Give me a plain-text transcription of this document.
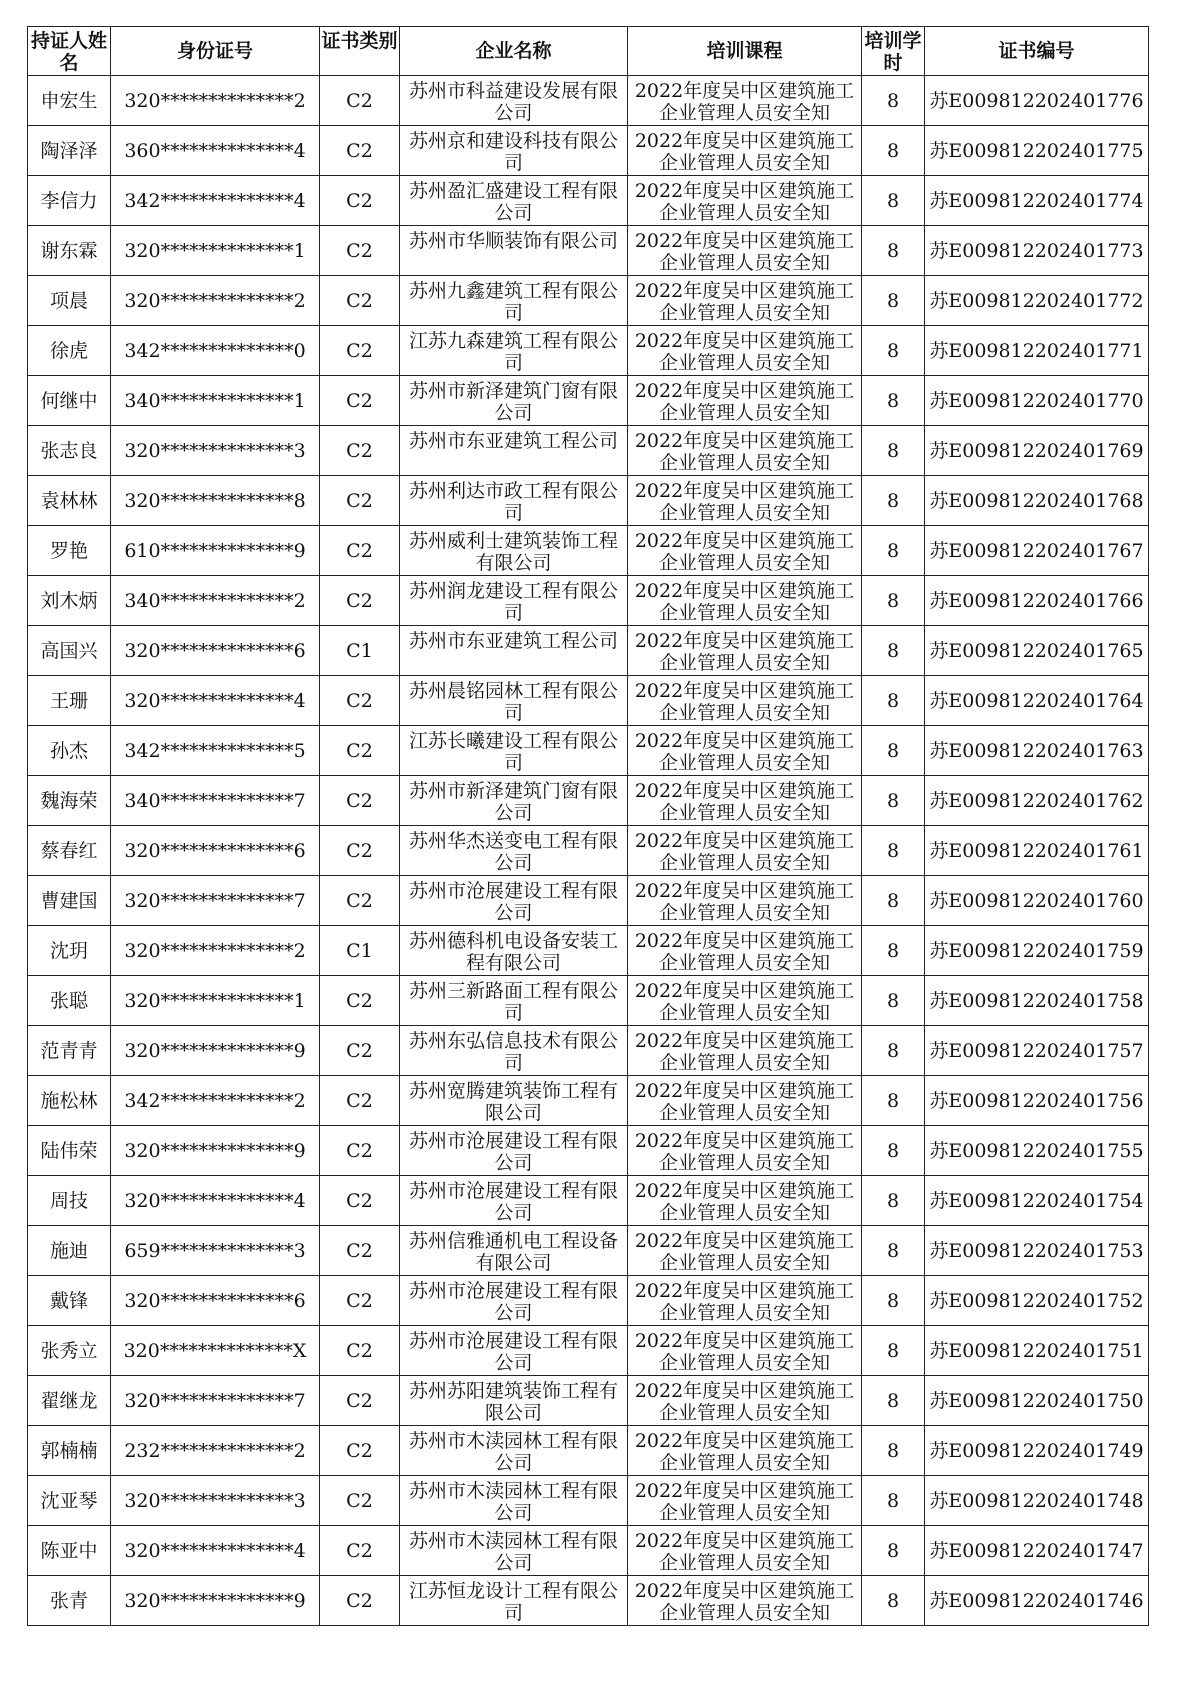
持证人姓名	身份证号	证书类别	企业名称	培训课程	培训学时	证书编号
申宏生	320**************2	C2	苏州市科益建设发展有限公司	2022年度吴中区建筑施工企业管理人员安全知	8	苏E009812202401776
陶泽泽	360**************4	C2	苏州京和建设科技有限公司	2022年度吴中区建筑施工企业管理人员安全知	8	苏E009812202401775
李信力	342**************4	C2	苏州盈汇盛建设工程有限公司	2022年度吴中区建筑施工企业管理人员安全知	8	苏E009812202401774
谢东霖	320**************1	C2	苏州市华顺装饰有限公司	2022年度吴中区建筑施工企业管理人员安全知	8	苏E009812202401773
项晨	320**************2	C2	苏州九鑫建筑工程有限公司	2022年度吴中区建筑施工企业管理人员安全知	8	苏E009812202401772
徐虎	342**************0	C2	江苏九森建筑工程有限公司	2022年度吴中区建筑施工企业管理人员安全知	8	苏E009812202401771
何继中	340**************1	C2	苏州市新泽建筑门窗有限公司	2022年度吴中区建筑施工企业管理人员安全知	8	苏E009812202401770
张志良	320**************3	C2	苏州市东亚建筑工程公司	2022年度吴中区建筑施工企业管理人员安全知	8	苏E009812202401769
袁林林	320**************8	C2	苏州利达市政工程有限公司	2022年度吴中区建筑施工企业管理人员安全知	8	苏E009812202401768
罗艳	610**************9	C2	苏州威利士建筑装饰工程有限公司	2022年度吴中区建筑施工企业管理人员安全知	8	苏E009812202401767
刘木炳	340**************2	C2	苏州润龙建设工程有限公司	2022年度吴中区建筑施工企业管理人员安全知	8	苏E009812202401766
高国兴	320**************6	C1	苏州市东亚建筑工程公司	2022年度吴中区建筑施工企业管理人员安全知	8	苏E009812202401765
王珊	320**************4	C2	苏州晨铭园林工程有限公司	2022年度吴中区建筑施工企业管理人员安全知	8	苏E009812202401764
孙杰	342**************5	C2	江苏长曦建设工程有限公司	2022年度吴中区建筑施工企业管理人员安全知	8	苏E009812202401763
魏海荣	340**************7	C2	苏州市新泽建筑门窗有限公司	2022年度吴中区建筑施工企业管理人员安全知	8	苏E009812202401762
蔡春红	320**************6	C2	苏州华杰送变电工程有限公司	2022年度吴中区建筑施工企业管理人员安全知	8	苏E009812202401761
曹建国	320**************7	C2	苏州市沧展建设工程有限公司	2022年度吴中区建筑施工企业管理人员安全知	8	苏E009812202401760
沈玥	320**************2	C1	苏州德科机电设备安装工程有限公司	2022年度吴中区建筑施工企业管理人员安全知	8	苏E009812202401759
张聪	320**************1	C2	苏州三新路面工程有限公司	2022年度吴中区建筑施工企业管理人员安全知	8	苏E009812202401758
范青青	320**************9	C2	苏州东弘信息技术有限公司	2022年度吴中区建筑施工企业管理人员安全知	8	苏E009812202401757
施松林	342**************2	C2	苏州宽腾建筑装饰工程有限公司	2022年度吴中区建筑施工企业管理人员安全知	8	苏E009812202401756
陆伟荣	320**************9	C2	苏州市沧展建设工程有限公司	2022年度吴中区建筑施工企业管理人员安全知	8	苏E009812202401755
周技	320**************4	C2	苏州市沧展建设工程有限公司	2022年度吴中区建筑施工企业管理人员安全知	8	苏E009812202401754
施迪	659**************3	C2	苏州信雅通机电工程设备有限公司	2022年度吴中区建筑施工企业管理人员安全知	8	苏E009812202401753
戴锋	320**************6	C2	苏州市沧展建设工程有限公司	2022年度吴中区建筑施工企业管理人员安全知	8	苏E009812202401752
张秀立	320**************X	C2	苏州市沧展建设工程有限公司	2022年度吴中区建筑施工企业管理人员安全知	8	苏E009812202401751
翟继龙	320**************7	C2	苏州苏阳建筑装饰工程有限公司	2022年度吴中区建筑施工企业管理人员安全知	8	苏E009812202401750
郭楠楠	232**************2	C2	苏州市木渎园林工程有限公司	2022年度吴中区建筑施工企业管理人员安全知	8	苏E009812202401749
沈亚琴	320**************3	C2	苏州市木渎园林工程有限公司	2022年度吴中区建筑施工企业管理人员安全知	8	苏E009812202401748
陈亚中	320**************4	C2	苏州市木渎园林工程有限公司	2022年度吴中区建筑施工企业管理人员安全知	8	苏E009812202401747
张青	320**************9	C2	江苏恒龙设计工程有限公司	2022年度吴中区建筑施工企业管理人员安全知	8	苏E009812202401746
